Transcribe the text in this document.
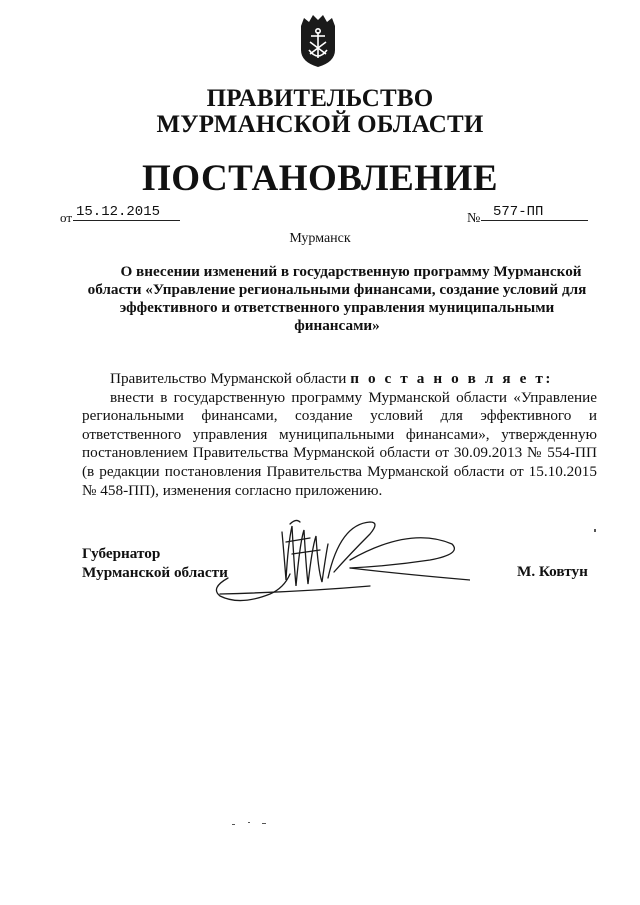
ПРАВИТЕЛЬСТВО
МУРМАНСКОЙ ОБЛАСТИ
ПОСТАНОВЛЕНИЕ
от 15.12.2015	№ 577-ПП
Мурманск
О внесении изменений в государственную программу Мурманской области «Управление региональными финансами, создание условий для эффективного и ответственного управления муниципальными финансами»

Правительство Мурманской области п о с т а н о в л я е т:

внести в государственную программу Мурманской области «Управление региональными финансами, создание условий для эффективного и ответственного управления муниципальными финансами», утвержденную постановлением Правительства Мурманской области от 30.09.2013 № 554-ПП (в редакции постановления Правительства Мурманской области от 15.10.2015 № 458-ПП), изменения согласно приложению.

Губернатор
Мурманской области	М. Ковтун
